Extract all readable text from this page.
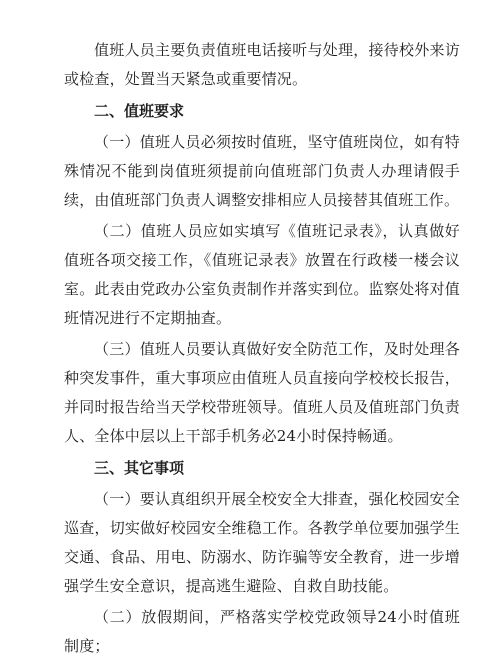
值班人员主要负责值班电话接听与处理，接待校外来访或检查，处置当天紧急或重要情况。

二、值班要求

（一）值班人员必须按时值班，坚守值班岗位，如有特殊情况不能到岗值班须提前向值班部门负责人办理请假手续，由值班部门负责人调整安排相应人员接替其值班工作。

（二）值班人员应如实填写《值班记录表》，认真做好值班各项交接工作，《值班记录表》放置在行政楼一楼会议室。此表由党政办公室负责制作并落实到位。监察处将对值班情况进行不定期抽查。

（三）值班人员要认真做好安全防范工作，及时处理各种突发事件，重大事项应由值班人员直接向学校校长报告，并同时报告给当天学校带班领导。值班人员及值班部门负责人、全体中层以上干部手机务必24小时保持畅通。

三、其它事项

（一）要认真组织开展全校安全大排查，强化校园安全巡查，切实做好校园安全维稳工作。各教学单位要加强学生交通、食品、用电、防溺水、防诈骗等安全教育，进一步增强学生安全意识，提高逃生避险、自救自助技能。

（二）放假期间，严格落实学校党政领导24小时值班制度；
